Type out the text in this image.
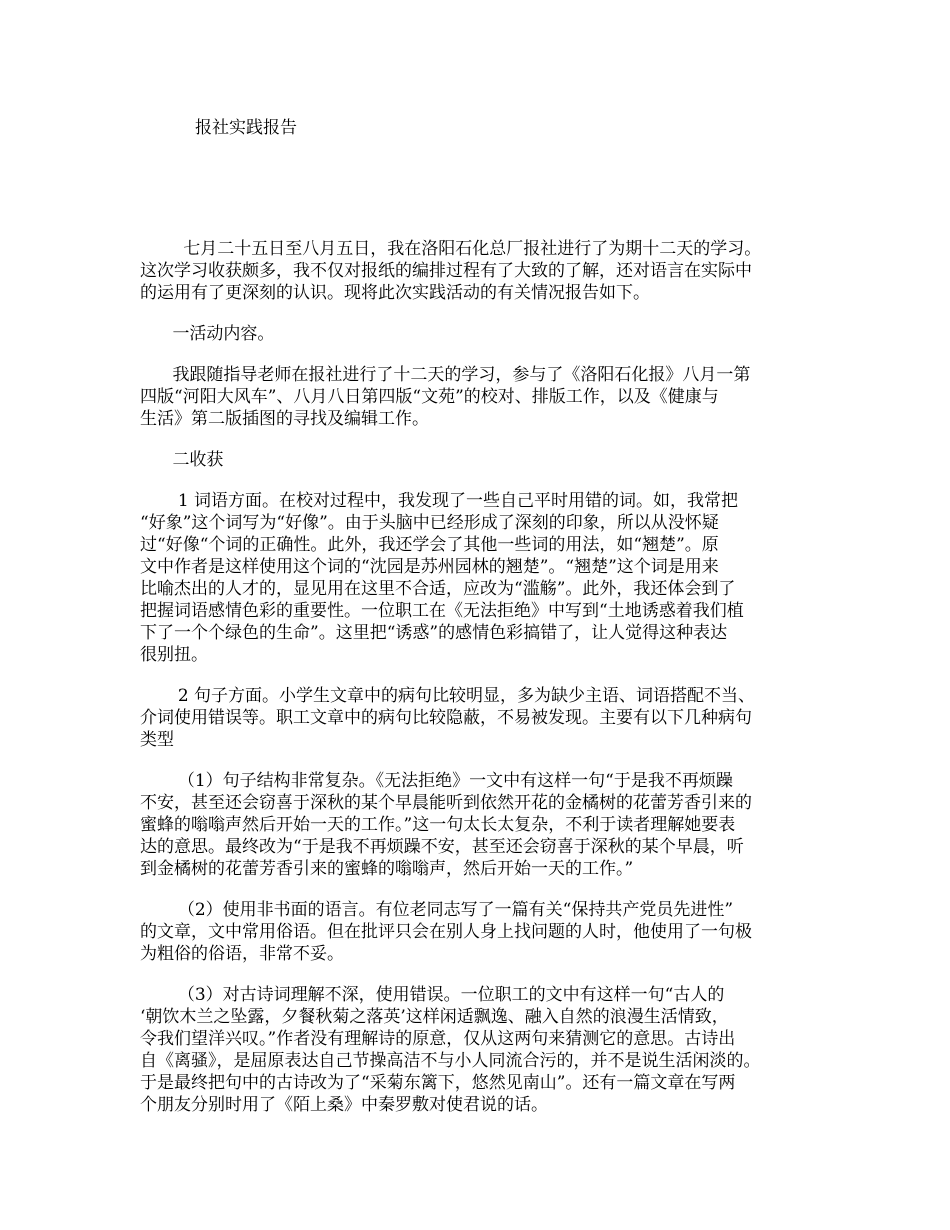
报社实践报告

七月二十五日至八月五日，我在洛阳石化总厂报社进行了为期十二天的学习。
这次学习收获颇多，我不仅对报纸的编排过程有了大致的了解，还对语言在实际中
的运用有了更深刻的认识。现将此次实践活动的有关情况报告如下。

一活动内容。

我跟随指导老师在报社进行了十二天的学习，参与了《洛阳石化报》八月一第
四版“河阳大风车”、八月八日第四版“文苑”的校对、排版工作，以及《健康与
生活》第二版插图的寻找及编辑工作。

二收获

1 词语方面。在校对过程中，我发现了一些自己平时用错的词。如，我常把
“好象”这个词写为“好像”。由于头脑中已经形成了深刻的印象，所以从没怀疑
过“好像“个词的正确性。此外，我还学会了其他一些词的用法，如“翘楚”。原
文中作者是这样使用这个词的“沈园是苏州园林的翘楚”。“翘楚”这个词是用来
比喻杰出的人才的，显见用在这里不合适，应改为“滥觞”。此外，我还体会到了
把握词语感情色彩的重要性。一位职工在《无法拒绝》中写到“土地诱惑着我们植
下了一个个绿色的生命”。这里把“诱惑”的感情色彩搞错了，让人觉得这种表达
很别扭。

2 句子方面。小学生文章中的病句比较明显，多为缺少主语、词语搭配不当、
介词使用错误等。职工文章中的病句比较隐蔽，不易被发现。主要有以下几种病句
类型

（1）句子结构非常复杂。《无法拒绝》一文中有这样一句“于是我不再烦躁
不安，甚至还会窃喜于深秋的某个早晨能听到依然开花的金橘树的花蕾芳香引来的
蜜蜂的嗡嗡声然后开始一天的工作。”这一句太长太复杂，不利于读者理解她要表
达的意思。最终改为“于是我不再烦躁不安，甚至还会窃喜于深秋的某个早晨，听
到金橘树的花蕾芳香引来的蜜蜂的嗡嗡声，然后开始一天的工作。”

（2）使用非书面的语言。有位老同志写了一篇有关“保持共产党员先进性”
的文章，文中常用俗语。但在批评只会在别人身上找问题的人时，他使用了一句极
为粗俗的俗语，非常不妥。

（3）对古诗词理解不深，使用错误。一位职工的文中有这样一句“古人的
‘朝饮木兰之坠露，夕餐秋菊之落英’这样闲适飘逸、融入自然的浪漫生活情致，
令我们望洋兴叹。”作者没有理解诗的原意，仅从这两句来猜测它的意思。古诗出
自《离骚》，是屈原表达自己节操高洁不与小人同流合污的，并不是说生活闲淡的。
于是最终把句中的古诗改为了“采菊东篱下，悠然见南山”。还有一篇文章在写两
个朋友分别时用了《陌上桑》中秦罗敷对使君说的话。
